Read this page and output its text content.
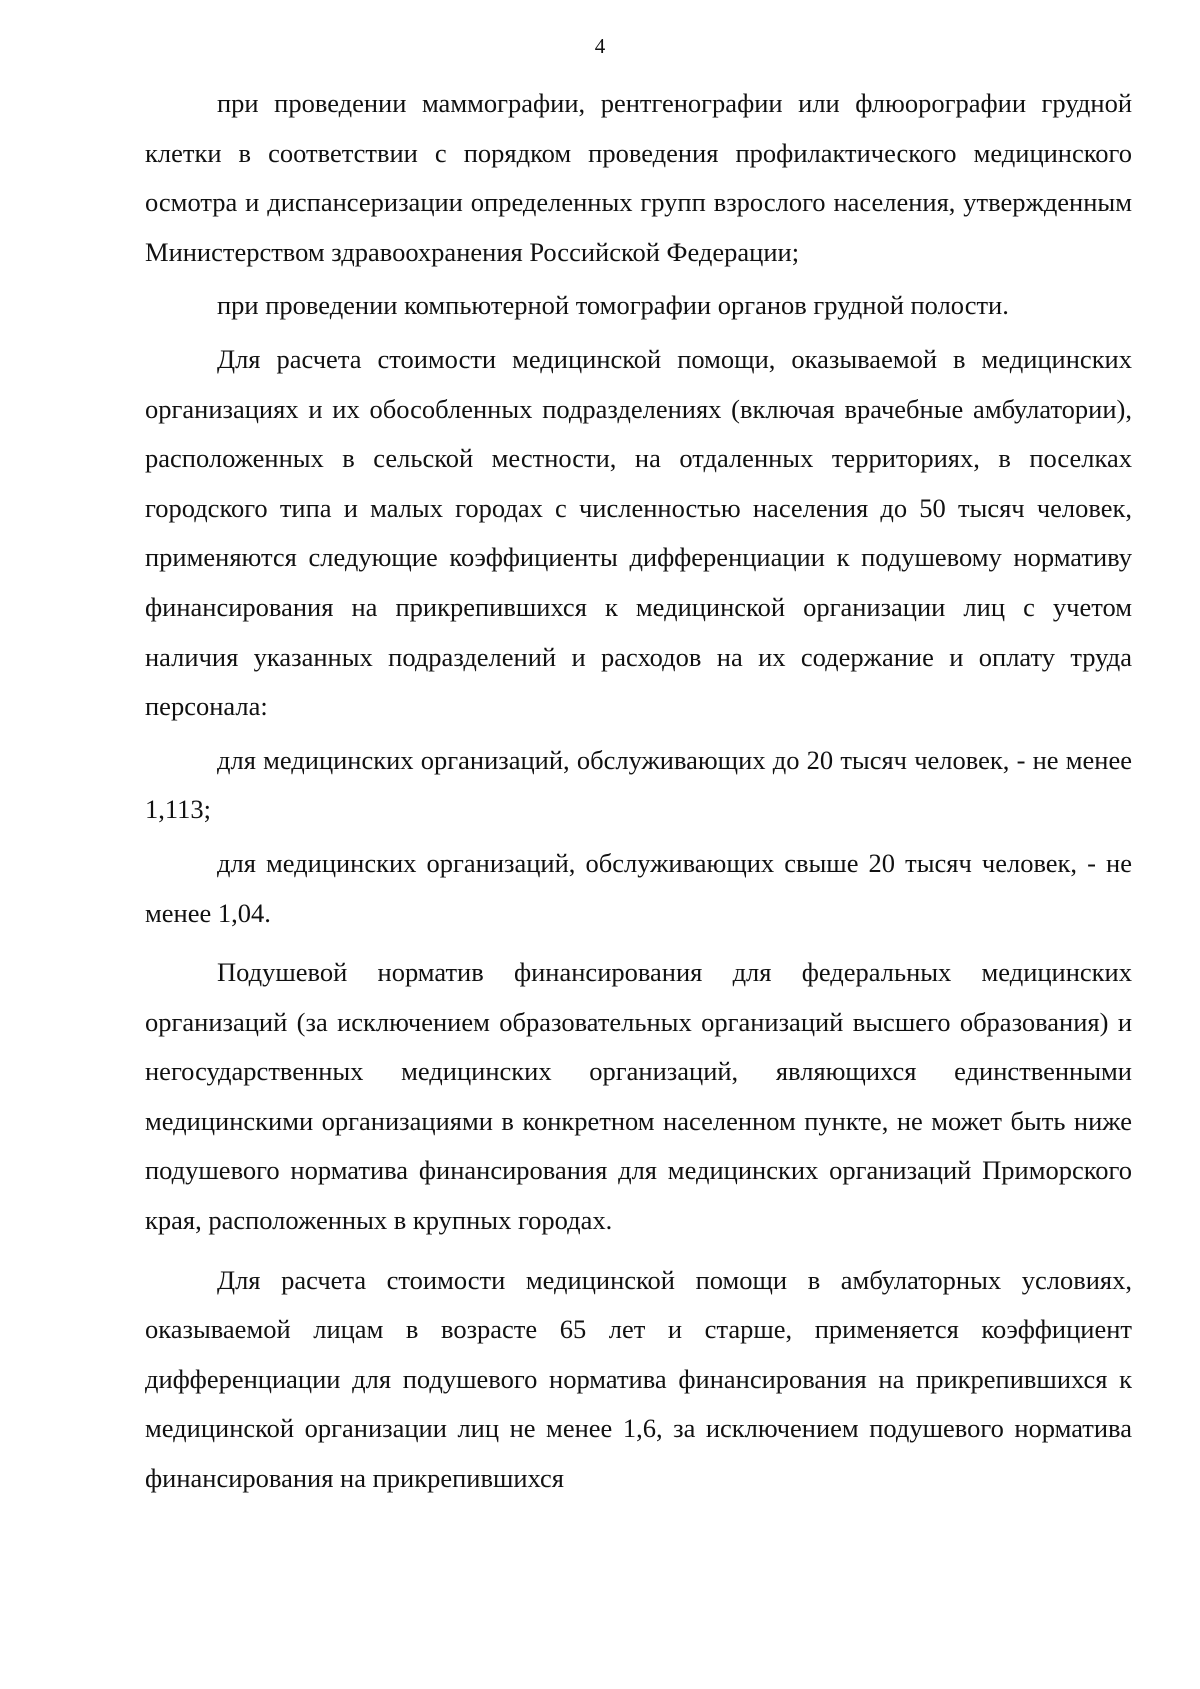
4

при проведении маммографии, рентгенографии или флюорографии грудной клетки в соответствии с порядком проведения профилактического медицинского осмотра и диспансеризации определенных групп взрослого населения, утвержденным Министерством здравоохранения Российской Федерации;

при проведении компьютерной томографии органов грудной полости.

Для расчета стоимости медицинской помощи, оказываемой в медицинских организациях и их обособленных подразделениях (включая врачебные амбулатории), расположенных в сельской местности, на отдаленных территориях, в поселках городского типа и малых городах с численностью населения до 50 тысяч человек, применяются следующие коэффициенты дифференциации к подушевому нормативу финансирования на прикрепившихся к медицинской организации лиц с учетом наличия указанных подразделений и расходов на их содержание и оплату труда персонала:

для медицинских организаций, обслуживающих до 20 тысяч человек, - не менее 1,113;

для медицинских организаций, обслуживающих свыше 20 тысяч человек, - не менее 1,04.

Подушевой норматив финансирования для федеральных медицинских организаций (за исключением образовательных организаций высшего образования) и негосударственных медицинских организаций, являющихся единственными медицинскими организациями в конкретном населенном пункте, не может быть ниже подушевого норматива финансирования для медицинских организаций Приморского края, расположенных в крупных городах.

Для расчета стоимости медицинской помощи в амбулаторных условиях, оказываемой лицам в возрасте 65 лет и старше, применяется коэффициент дифференциации для подушевого норматива финансирования на прикрепившихся к медицинской организации лиц не менее 1,6, за исключением подушевого норматива финансирования на прикрепившихся
